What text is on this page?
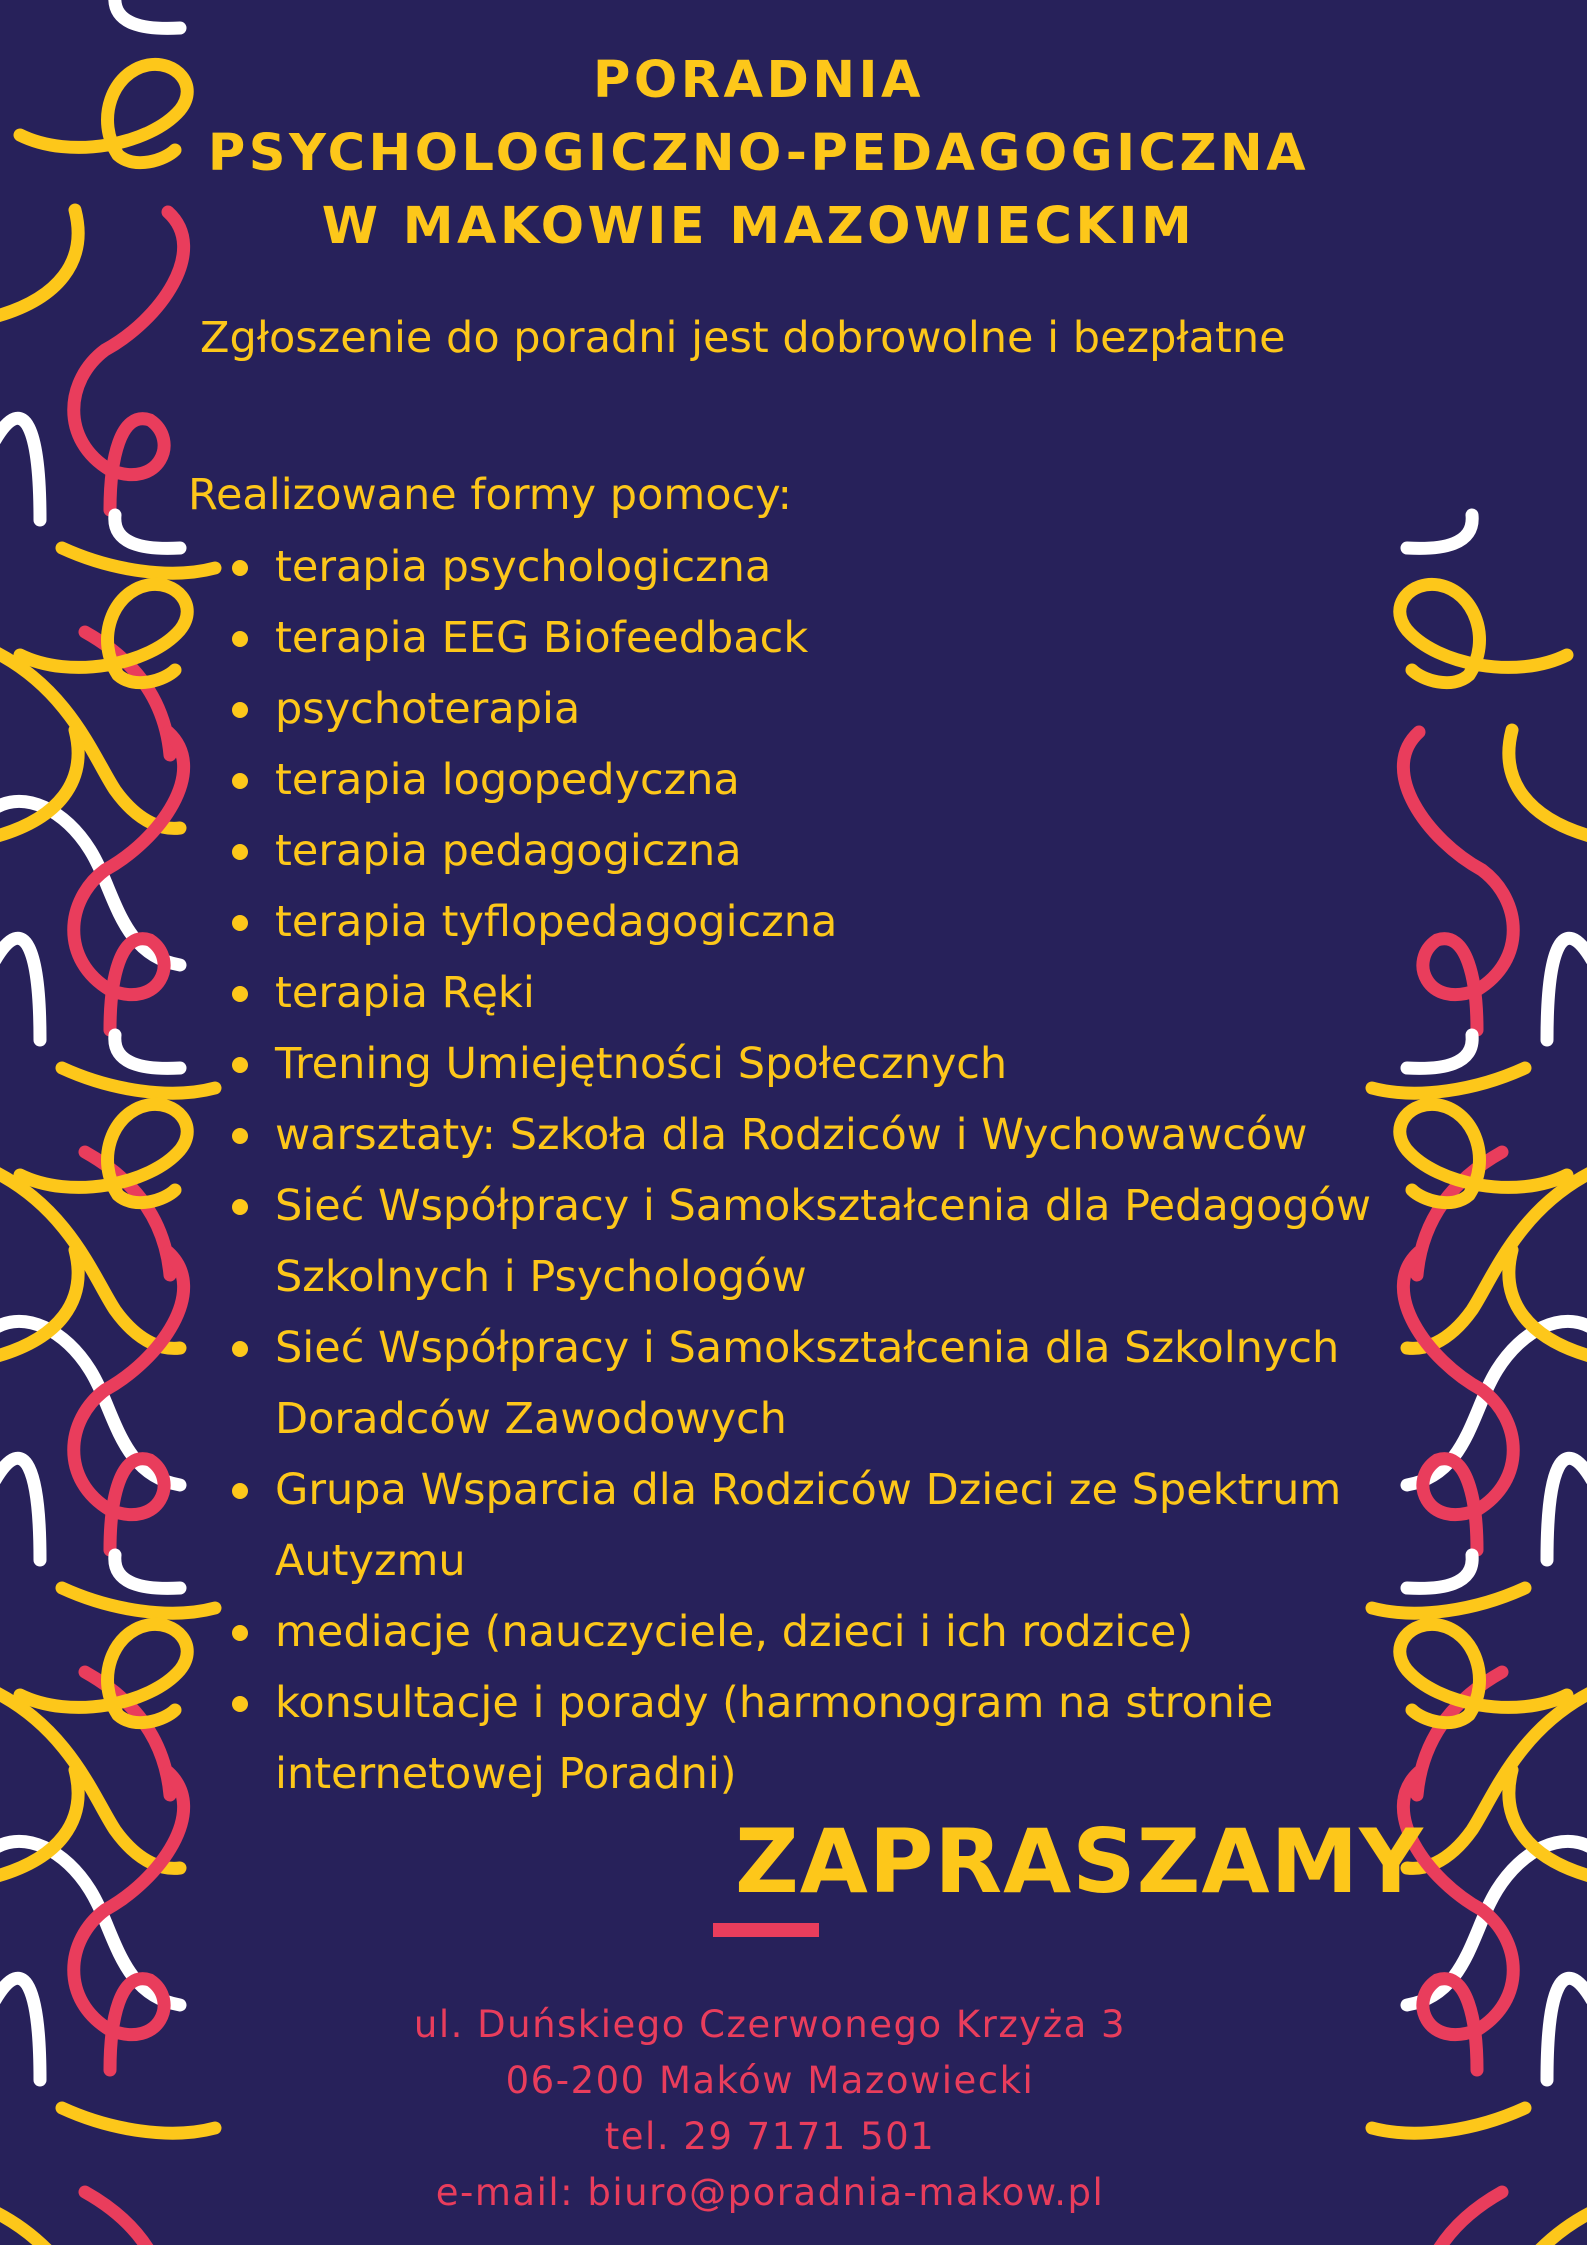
PORADNIA
PSYCHOLOGICZNO-PEDAGOGICZNA
W MAKOWIE MAZOWIECKIM
Zgłoszenie do poradni jest dobrowolne i bezpłatne
Realizowane formy pomocy:
terapia psychologiczna
terapia EEG Biofeedback
psychoterapia
terapia logopedyczna
terapia pedagogiczna
terapia tyflopedagogiczna
terapia Ręki
Trening Umiejętności Społecznych
warsztaty: Szkoła dla Rodziców i Wychowawców
Sieć Współpracy i Samokształcenia dla Pedagogów Szkolnych i Psychologów
Sieć Współpracy i Samokształcenia dla Szkolnych Doradców Zawodowych
Grupa Wsparcia dla Rodziców Dzieci ze Spektrum Autyzmu
mediacje (nauczyciele, dzieci i ich rodzice)
konsultacje i porady (harmonogram na stronie internetowej Poradni)
ZAPRASZAMY
ul. Duńskiego Czerwonego Krzyża 3
06-200 Maków Mazowiecki
tel. 29 7171 501
e-mail: biuro@poradnia-makow.pl
